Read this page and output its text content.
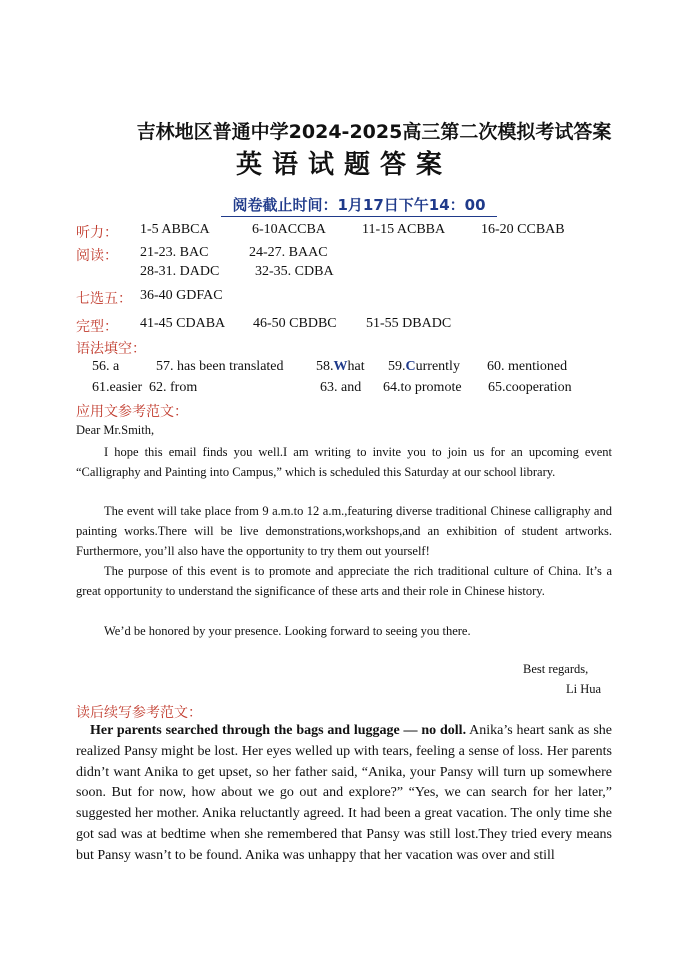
吉林地区普通中学2024-2025高三第二次模拟考试答案
英语试题答案
阅卷截止时间：1月17日下午14：00
听力： 1-5 ABBCA	6-10ACCBA	11-15 ACBBA	16-20 CCBAB
阅读： 21-23. BAC	24-27. BAAC
28-31. DADC	32-35. CDBA
七选五： 36-40 GDFAC
完型： 41-45 CDABA 46-50 CBDBC 51-55 DBADC
语法填空：
56. a	57. has been translated 58.What 59.Currently 60. mentioned
61.easier 62. from	63. and 64.to promote 65.cooperation
应用文参考范文：
Dear Mr.Smith,
I hope this email finds you well.I am writing to invite you to join us for an upcoming event “Calligraphy and Painting into Campus,” which is scheduled this Saturday at our school library.
The event will take place from 9 a.m.to 12 a.m.,featuring diverse traditional Chinese calligraphy and painting works.There will be live demonstrations,workshops,and an exhibition of student artworks. Furthermore, you’ll also have the opportunity to try them out yourself!
The purpose of this event is to promote and appreciate the rich traditional culture of China. It’s a great opportunity to understand the significance of these arts and their role in Chinese history.
We’d be honored by your presence. Looking forward to seeing you there.
Best regards,
Li Hua
读后续写参考范文：
Her parents searched through the bags and luggage — no doll. Anika’s heart sank as she realized Pansy might be lost. Her eyes welled up with tears, feeling a sense of loss. Her parents didn’t want Anika to get upset, so her father said, “Anika, your Pansy will turn up somewhere soon. But for now, how about we go out and explore?” “Yes, we can search for her later,” suggested her mother. Anika reluctantly agreed. It had been a great vacation. The only time she got sad was at bedtime when she remembered that Pansy was still lost.They tried every means but Pansy wasn’t to be found. Anika was unhappy that her vacation was over and still
